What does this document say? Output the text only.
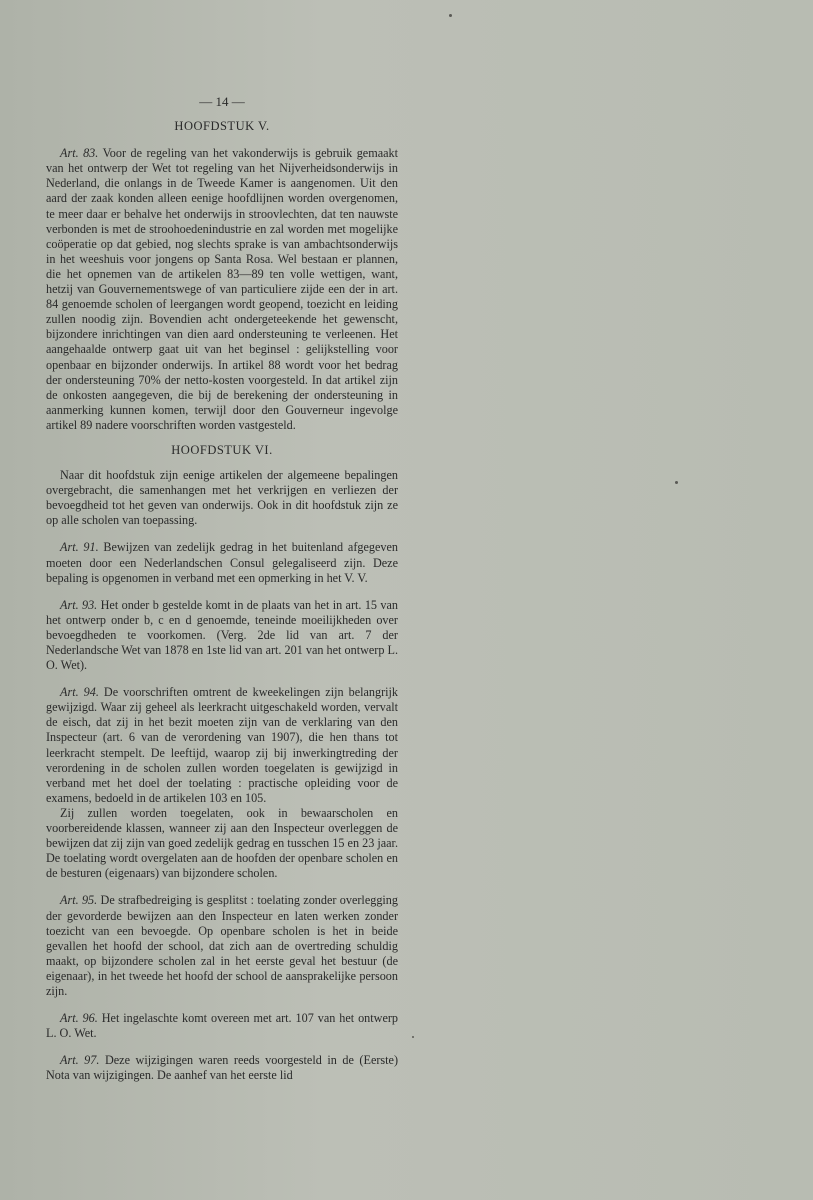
— 14 —
HOOFDSTUK V.

Art. 83. Voor de regeling van het vakonderwijs is gebruik gemaakt van het ontwerp der Wet tot regeling van het Nijverheidsonderwijs in Nederland, die onlangs in de Tweede Kamer is aangenomen. Uit den aard der zaak konden alleen eenige hoofdlijnen worden overgenomen, te meer daar er behalve het onderwijs in stroovlechten, dat ten nauwste verbonden is met de stroohoedenindustrie en zal worden met mogelijke coöperatie op dat gebied, nog slechts sprake is van ambachtsonderwijs in het weeshuis voor jongens op Santa Rosa. Wel bestaan er plannen, die het opnemen van de artikelen 83—89 ten volle wettigen, want, hetzij van Gouvernementswege of van particuliere zijde een der in art. 84 genoemde scholen of leergangen wordt geopend, toezicht en leiding zullen noodig zijn. Bovendien acht ondergeteekende het gewenscht, bijzondere inrichtingen van dien aard ondersteuning te verleenen. Het aangehaalde ontwerp gaat uit van het beginsel : gelijkstelling voor openbaar en bijzonder onderwijs. In artikel 88 wordt voor het bedrag der ondersteuning 70% der netto-kosten voorgesteld. In dat artikel zijn de onkosten aangegeven, die bij de berekening der ondersteuning in aanmerking kunnen komen, terwijl door den Gouverneur ingevolge artikel 89 nadere voorschriften worden vastgesteld.

HOOFDSTUK VI.

Naar dit hoofdstuk zijn eenige artikelen der algemeene bepalingen overgebracht, die samenhangen met het verkrijgen en verliezen der bevoegdheid tot het geven van onderwijs. Ook in dit hoofdstuk zijn ze op alle scholen van toepassing.

Art. 91. Bewijzen van zedelijk gedrag in het buitenland afgegeven moeten door een Nederlandschen Consul gelegaliseerd zijn. Deze bepaling is opgenomen in verband met een opmerking in het V. V.

Art. 93. Het onder b gestelde komt in de plaats van het in art. 15 van het ontwerp onder b, c en d genoemde, teneinde moeilijkheden over bevoegdheden te voorkomen. (Verg. 2de lid van art. 7 der Nederlandsche Wet van 1878 en 1ste lid van art. 201 van het ontwerp L. O. Wet).

Art. 94. De voorschriften omtrent de kweekelingen zijn belangrijk gewijzigd. Waar zij geheel als leerkracht uitgeschakeld worden, vervalt de eisch, dat zij in het bezit moeten zijn van de verklaring van den Inspecteur (art. 6 van de verordening van 1907), die hen thans tot leerkracht stempelt. De leeftijd, waarop zij bij inwerkingtreding der verordening in de scholen zullen worden toegelaten is gewijzigd in verband met het doel der toelating : practische opleiding voor de examens, bedoeld in de artikelen 103 en 105.

Zij zullen worden toegelaten, ook in bewaarscholen en voorbereidende klassen, wanneer zij aan den Inspecteur overleggen de bewijzen dat zij zijn van goed zedelijk gedrag en tusschen 15 en 23 jaar. De toelating wordt overgelaten aan de hoofden der openbare scholen en de besturen (eigenaars) van bijzondere scholen.

Art. 95. De strafbedreiging is gesplitst : toelating zonder overlegging der gevorderde bewijzen aan den Inspecteur en laten werken zonder toezicht van een bevoegde. Op openbare scholen is het in beide gevallen het hoofd der school, dat zich aan de overtreding schuldig maakt, op bijzondere scholen zal in het eerste geval het bestuur (de eigenaar), in het tweede het hoofd der school de aansprakelijke persoon zijn.

Art. 96. Het ingelaschte komt overeen met art. 107 van het ontwerp L. O. Wet.

Art. 97. Deze wijzigingen waren reeds voorgesteld in de (Eerste) Nota van wijzigingen. De aanhef van het eerste lid
